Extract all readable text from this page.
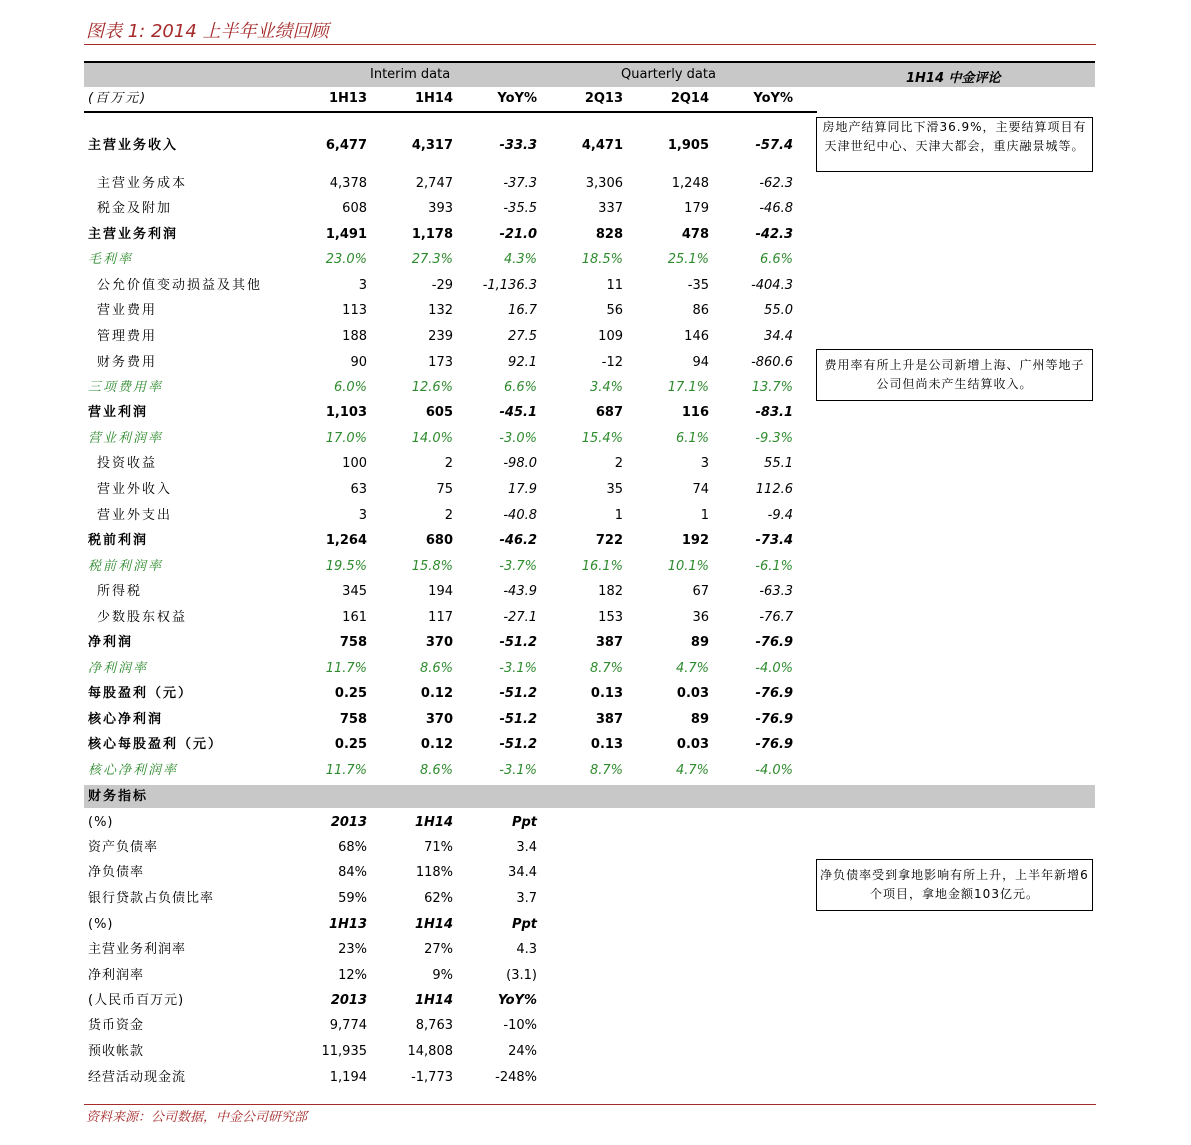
图表 1: 2014 上半年业绩回顾
Interim data	Quarterly data	1H14 中金评论
(百万元)	1H13	1H14	YoY%	2Q13	2Q14	YoY%
主营业务收入	6,477	4,317	-33.3	4,471	1,905	-57.4
主营业务成本	4,378	2,747	-37.3	3,306	1,248	-62.3
税金及附加	608	393	-35.5	337	179	-46.8
主营业务利润	1,491	1,178	-21.0	828	478	-42.3
毛利率	23.0%	27.3%	4.3%	18.5%	25.1%	6.6%
公允价值变动损益及其他	3	-29	-1,136.3	11	-35	-404.3
营业费用	113	132	16.7	56	86	55.0
管理费用	188	239	27.5	109	146	34.4
财务费用	90	173	92.1	-12	94	-860.6
三项费用率	6.0%	12.6%	6.6%	3.4%	17.1%	13.7%
营业利润	1,103	605	-45.1	687	116	-83.1
营业利润率	17.0%	14.0%	-3.0%	15.4%	6.1%	-9.3%
投资收益	100	2	-98.0	2	3	55.1
营业外收入	63	75	17.9	35	74	112.6
营业外支出	3	2	-40.8	1	1	-9.4
税前利润	1,264	680	-46.2	722	192	-73.4
税前利润率	19.5%	15.8%	-3.7%	16.1%	10.1%	-6.1%
所得税	345	194	-43.9	182	67	-63.3
少数股东权益	161	117	-27.1	153	36	-76.7
净利润	758	370	-51.2	387	89	-76.9
净利润率	11.7%	8.6%	-3.1%	8.7%	4.7%	-4.0%
每股盈利（元）	0.25	0.12	-51.2	0.13	0.03	-76.9
核心净利润	758	370	-51.2	387	89	-76.9
核心每股盈利（元）	0.25	0.12	-51.2	0.13	0.03	-76.9
核心净利润率	11.7%	8.6%	-3.1%	8.7%	4.7%	-4.0%
财务指标
(%)	2013	1H14	Ppt
资产负债率	68%	71%	3.4
净负债率	84%	118%	34.4
银行贷款占负债比率	59%	62%	3.7
(%)	1H13	1H14	Ppt
主营业务利润率	23%	27%	4.3
净利润率	12%	9%	(3.1)
(人民币百万元)	2013	1H14	YoY%
货币资金	9,774	8,763	-10%
预收帐款	11,935	14,808	24%
经营活动现金流	1,194	-1,773	-248%
房地产结算同比下滑36.9%，主要结算项目有天津世纪中心、天津大都会，重庆融景城等。
费用率有所上升是公司新增上海、广州等地子公司但尚未产生结算收入。
净负债率受到拿地影响有所上升，上半年新增6个项目，拿地金额103亿元。
资料来源：公司数据，中金公司研究部
